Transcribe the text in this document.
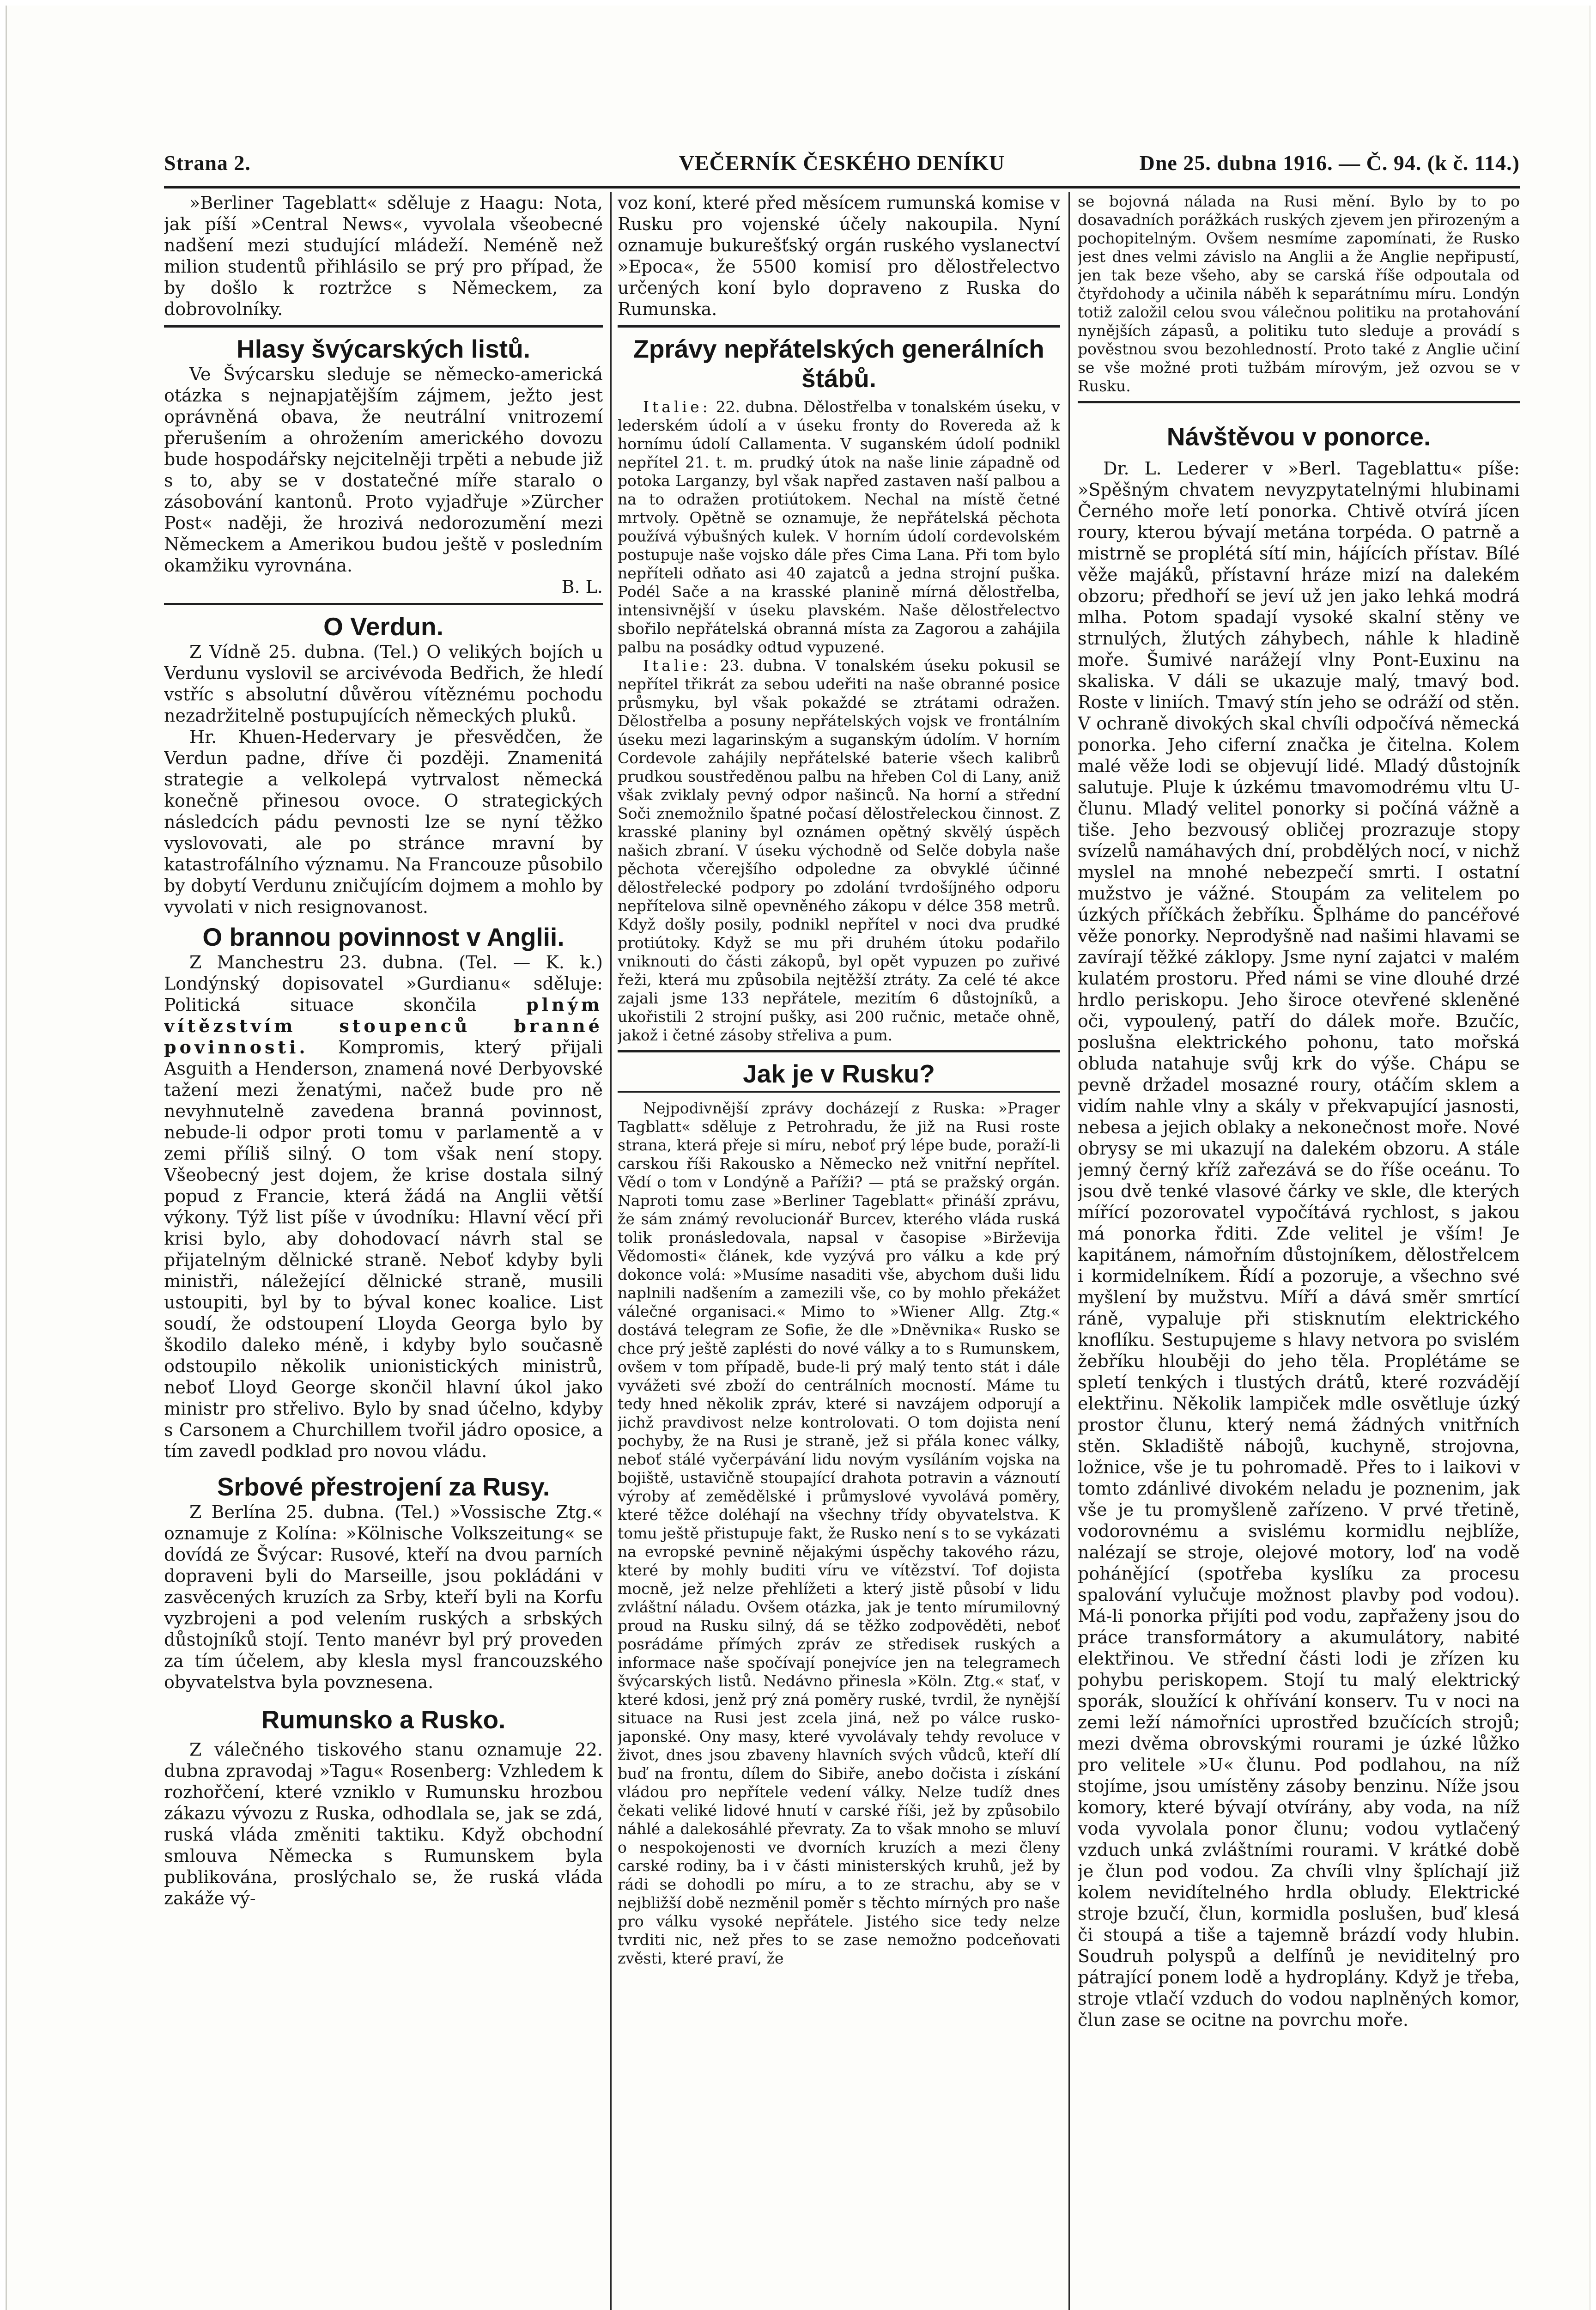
Strana 2.	VEČERNÍK ČESKÉHO DENÍKU	Dne 25. dubna 1916. — Č. 94. (k č. 114.)

»Berliner Tageblatt« sděluje z Haagu: Nota, jak píší »Central News«, vyvolala všeobecné nadšení mezi studující mládeží. Neméně než milion studentů přihlásilo se prý pro případ, že by došlo k roztržce s Německem, za dobrovolníky.

Hlasy švýcarských listů.

Ve Švýcarsku sleduje se německo-americká otázka s nejnapjatějším zájmem, ježto jest oprávněná obava, že neutrální vnitrozemí přerušením a ohrožením amerického dovozu bude hospodářsky nejcitelněji trpěti a nebude již s to, aby se v dostatečné míře staralo o zásobování kantonů. Proto vyjadřuje »Zürcher Post« naději, že hrozivá nedorozumění mezi Německem a Amerikou budou ještě v posledním okamžiku vyrovnána.
B. L.

O Verdun.

Z Vídně 25. dubna. (Tel.) O velikých bojích u Verdunu vyslovil se arcivévoda Bedřich, že hledí vstříc s absolutní důvěrou vítěznému pochodu nezadržitelně postupujících německých pluků.

Hr. Khuen-Hedervary je přesvědčen, že Verdun padne, dříve či později. Znamenitá strategie a velkolepá vytrvalost německá konečně přinesou ovoce. O strategických následcích pádu pevnosti lze se nyní těžko vyslovovati, ale po stránce mravní by katastrofálního významu. Na Francouze působilo by dobytí Verdunu zničujícím dojmem a mohlo by vyvolati v nich resignovanost.

O brannou povinnost v Anglii.

Z Manchestru 23. dubna. (Tel. — K. k.) Londýnský dopisovatel »Gurdianu« sděluje: Politická situace skončila	plným vítězstvím stoupenců branné povinnosti. Kompromis, který přijali Asguith a Henderson, znamená nové Derbyovské tažení mezi ženatými, načež bude pro ně nevyhnutelně zavedena branná povinnost, nebude-li odpor proti tomu v parlamentě a v zemi příliš silný. O tom však není stopy. Všeobecný jest dojem, že krise dostala silný popud z Francie, která žádá na Anglii větší výkony. Týž list píše v úvodníku: Hlavní věcí při krisi bylo, aby dohodovací návrh stal se přijatelným dělnické straně. Neboť kdyby byli ministři, náležející dělnické straně, musili ustoupiti, byl by to býval konec koalice. List soudí, že odstoupení Lloyda Georga bylo by škodilo daleko méně, i kdyby bylo současně odstoupilo několik unionistických ministrů, neboť Lloyd George skončil hlavní úkol jako ministr pro střelivo. Bylo by snad účelno, kdyby s Carsonem a Churchillem tvořil jádro oposice, a tím zavedl podklad pro novou vládu.

Srbové přestrojení za Rusy.

Z Berlína 25. dubna. (Tel.) »Vossische Ztg.« oznamuje z Kolína: »Kölnische Volkszeitung« se dovídá ze Švýcar: Rusové, kteří na dvou parních dopraveni byli do Marseille, jsou pokládáni v zasvěcených kruzích za Srby, kteří byli na Korfu vyzbrojeni a pod velením ruských a srbských důstojníků stojí. Tento manévr byl prý proveden za tím účelem, aby klesla mysl francouzského obyvatelstva byla povznesena.

Rumunsko a Rusko.

Z válečného tiskového stanu oznamuje 22. dubna zpravodaj »Tagu« Rosenberg: Vzhledem k rozhořčení, které vzniklo v Rumunsku hrozbou zákazu vývozu z Ruska, odhodlala se, jak se zdá, ruská vláda změniti taktiku. Když obchodní smlouva Německa s Rumunskem byla publikována, proslýchalo se, že ruská vláda zakáže vý-

voz koní, které před měsícem rumunská komise v Rusku pro vojenské účely nakoupila. Nyní oznamuje bukurešťský orgán ruského vyslanectví »Epoca«, že 5500 komisí pro dělostřelectvo určených koní bylo dopraveno z Ruska do Rumunska.

Zprávy nepřátelských generálních štábů.

Italie: 22. dubna. Dělostřelba v tonalském úseku, v lederském údolí a v úseku fronty do Rovereda až k hornímu údolí Callamenta. V suganském údolí podnikl nepřítel 21. t. m. prudký útok na naše linie západně od potoka Larganzy, byl však napřed zastaven naší palbou a na to odražen protiútokem. Nechal na místě četné mrtvoly. Opětně se oznamuje, že nepřátelská pěchota používá výbušných kulek. V horním údolí cordevolském postupuje naše vojsko dále přes Cima Lana. Při tom bylo nepříteli odňato asi 40 zajatců a jedna strojní puška. Podél Sače a na krasské planině mírná dělostřelba, intensivnější v úseku plavském. Naše dělostřelectvo sbořilo nepřátelská obranná místa za Zagorou a zahájila palbu na posádky odtud vypuzené.

Italie: 23. dubna. V tonalském úseku pokusil se nepřítel třikrát za sebou udeřiti na naše obranné posice průsmyku, byl však pokaždé se ztrátami odražen. Dělostřelba a posuny nepřátelských vojsk ve frontálním úseku mezi lagarinským a suganským údolím. V horním Cordevole zahájily nepřátelské baterie všech kalibrů prudkou soustředěnou palbu na hřeben Col di Lany, aniž však zviklaly pevný odpor našinců. Na horní a střední Soči znemožnilo špatné počasí dělostřeleckou činnost. Z krasské planiny byl oznámen opětný skvělý úspěch našich zbraní. V úseku východně od Selče dobyla naše pěchota včerejšího odpoledne za obvyklé účinné dělostřelecké podpory po zdolání tvrdošíjného odporu nepřítelova silně opevněného zákopu v délce 358 metrů. Když došly posily, podnikl nepřítel v noci dva prudké protiútoky. Když se mu při druhém útoku podařilo vniknouti do části zákopů, byl opět vypuzen po zuřivé řeži, která mu způsobila nejtěžší ztráty. Za celé té akce zajali jsme 133 nepřátele, mezitím 6 důstojníků, a ukořistili 2 strojní pušky, asi 200 ručnic, metače ohně, jakož i četné zásoby střeliva a pum.

Jak je v Rusku?

Nejpodivnější zprávy docházejí z Ruska: »Prager Tagblatt« sděluje z Petrohradu, že již na Rusi roste strana, která přeje si míru, neboť prý lépe bude, poraží-li carskou říši Rakousko a Německo než vnitřní nepřítel. Vědí o tom v Londýně a Paříži? — ptá se pražský orgán. Naproti tomu zase »Berliner Tageblatt« přináší zprávu, že sám známý revolucionář Burcev, kterého vláda ruská tolik pronásledovala, napsal v časopise »Birževija Vědomosti« článek, kde vyzývá pro válku a kde prý dokonce volá: »Musíme nasaditi vše, abychom duši lidu naplnili nadšením a zamezili vše, co by mohlo překážet válečné organisaci.« Mimo to »Wiener Allg. Ztg.« dostává telegram ze Sofie, že dle »Dněvnika« Rusko se chce prý ještě zaplésti do nové války a to s Rumunskem, ovšem v tom případě, bude-li prý malý tento stát i dále vyvážeti své zboží do centrálních mocností. Máme tu tedy hned několik zpráv, které si navzájem odporují a jichž pravdivost nelze kontrolovati. O tom dojista není pochyby, že na Rusi je straně, jež si přála konec války, neboť stálé vyčerpávání lidu novým vysíláním vojska na bojiště, ustavičně stoupající drahota potravin a váznoutí výroby ať zemědělské i průmyslové vyvolává poměry, které těžce doléhají na všechny třídy obyvatelstva. K tomu ještě přistupuje fakt, že Rusko není s to se vykázati na evropské pevnině nějakými úspěchy takového rázu, které by mohly buditi víru ve vítězství. Tof dojista mocně, jež nelze přehlížeti a který jistě působí v lidu zvláštní náladu. Ovšem otázka, jak je tento mírumilovný proud na Rusku silný, dá se těžko zodpověděti, neboť posrádáme přímých zpráv ze středisek ruských a informace naše spočívají ponejvíce jen na telegramech švýcarských listů. Nedávno přinesla »Köln. Ztg.« stať, v které kdosi, jenž prý zná poměry ruské, tvrdil, že nynější situace na Rusi jest zcela jiná, než po válce rusko-japonské. Ony masy, které vyvolávaly tehdy revoluce v život, dnes jsou zbaveny hlavních svých vůdců, kteří dlí buď na frontu, dílem do Sibiře, anebo dočista i získání vládou pro nepřítele vedení války. Nelze tudíž dnes čekati veliké lidové hnutí v carské říši, jež by způsobilo náhlé a dalekosáhlé převraty. Za to však mnoho se mluví o nespokojenosti ve dvorních kruzích a mezi členy carské rodiny, ba i v části ministerských kruhů, jež by rádi se dohodli po míru, a to ze strachu, aby se v nejbližší době nezměnil poměr s těchto mírných pro naše pro válku vysoké nepřátele. Jistého sice tedy nelze tvrditi nic, než přes to se zase nemožno podceňovati zvěsti, které praví, že

se bojovná nálada na Rusi mění. Bylo by to po dosavadních porážkách ruských zjevem jen přirozeným a pochopitelným. Ovšem nesmíme zapomínati, že Rusko jest dnes velmi závislo na Anglii a že Anglie nepřipustí, jen tak beze všeho, aby se carská říše odpoutala od čtyřdohody a učinila náběh k separátnímu míru. Londýn totiž založil celou svou válečnou politiku na protahování nynějších zápasů, a politiku tuto sleduje a provádí s pověstnou svou bezohledností. Proto také z Anglie učiní se vše možné proti tužbám mírovým, jež ozvou se v Rusku.

Návštěvou v ponorce.

Dr. L. Lederer v »Berl. Tageblattu« píše: »Spěšným chvatem nevyzpytatelnými hlubinami Černého moře letí ponorka. Chtivě otvírá jícen roury, kterou bývají metána torpéda. O patrně a mistrně se proplétá sítí min, hájících přístav. Bílé věže majáků, přístavní hráze mizí na dalekém obzoru; předhoří se jeví už jen jako lehká modrá mlha. Potom spadají vysoké skalní stěny ve strnulých, žlutých záhybech, náhle k hladině moře. Šumivé narážejí vlny Pont-Euxinu na skaliska. V dáli se ukazuje malý, tmavý bod. Roste v liniích. Tmavý stín jeho se odráží od stěn. V ochraně divokých skal chvíli odpočívá německá ponorka. Jeho ciferní značka je čitelna. Kolem malé věže lodi se objevují lidé. Mladý důstojník salutuje. Pluje k úzkému tmavomodrému vltu U-člunu. Mladý velitel ponorky si počíná vážně a tiše. Jeho bezvousý obličej prozrazuje stopy svízelů namáhavých dní, probdělých nocí, v nichž myslel na mnohé nebezpečí smrti. I ostatní mužstvo je vážné. Stoupám za velitelem po úzkých příčkách žebříku. Šplháme do pancéřové věže ponorky. Neprodyšně nad našimi hlavami se zavírají těžké záklopy. Jsme nyní zajatci v malém kulatém prostoru. Před námi se vine dlouhé drzé hrdlo periskopu. Jeho široce otevřené skleněné oči, vypoulený, patří do dálek moře. Bzučíc, poslušna elektrického pohonu, tato mořská obluda natahuje svůj krk do výše. Chápu se pevně držadel mosazné roury, otáčím sklem a vidím nahle vlny a skály v překvapující jasnosti, nebesa a jejich oblaky a nekonečnost moře. Nové obrysy se mi ukazují na dalekém obzoru. A stále jemný černý kříž zařezává se do říše oceánu. To jsou dvě tenké vlasové čárky ve skle, dle kterých mířící pozorovatel vypočítává rychlost, s jakou má ponorka řditi. Zde velitel je vším! Je kapitánem, námořním důstojníkem, dělostřelcem i kormidelníkem. Řídí a pozoruje, a všechno své myšlení by mužstvu. Míří a dává směr smrtící ráně, vypaluje při stisknutím elektrického knoflíku. Sestupujeme s hlavy netvora po svislém žebříku hlouběji do jeho těla. Proplétáme se spletí tenkých i tlustých drátů, které rozvádějí elektřinu. Několik lampiček mdle osvětluje úzký prostor člunu, který nemá žádných vnitřních stěn. Skladiště nábojů, kuchyně, strojovna, ložnice, vše je tu pohromadě. Přes to i laikovi v tomto zdánlivé divokém neladu je poznenim, jak vše je tu promyšleně zařízeno. V prvé třetině, vodorovnému a svislému kormidlu nejblíže, nalézají se stroje, olejové motory, loď na vodě pohánějící (spotřeba kyslíku za procesu spalování vylučuje možnost plavby pod vodou). Má-li ponorka přijíti pod vodu, zapřaženy jsou do práce transformátory a akumulátory, nabité elektřinou. Ve střední části lodi je zřízen ku pohybu periskopem. Stojí tu malý elektrický sporák, sloužící k ohřívání konserv. Tu v noci na zemi leží námořníci uprostřed bzučících strojů; mezi dvěma obrovskými rourami je úzké lůžko pro velitele »U« člunu. Pod podlahou, na níž stojíme, jsou umístěny zásoby benzinu. Níže jsou komory, které bývají otvírány, aby voda, na níž voda vyvolala ponor člunu; vodou vytlačený vzduch unká zvláštními rourami. V krátké době je člun pod vodou. Za chvíli vlny šplíchají již kolem nevidítelného hrdla obludy. Elektrické stroje bzučí, člun, kormidla poslušen, buď klesá či stoupá a tiše a tajemně brázdí vody hlubin. Soudruh polyspů a delfínů je neviditelný pro pátrající ponem lodě a hydroplány. Když je třeba, stroje vtlačí vzduch do vodou naplněných komor, člun zase se ocitne na povrchu moře.
